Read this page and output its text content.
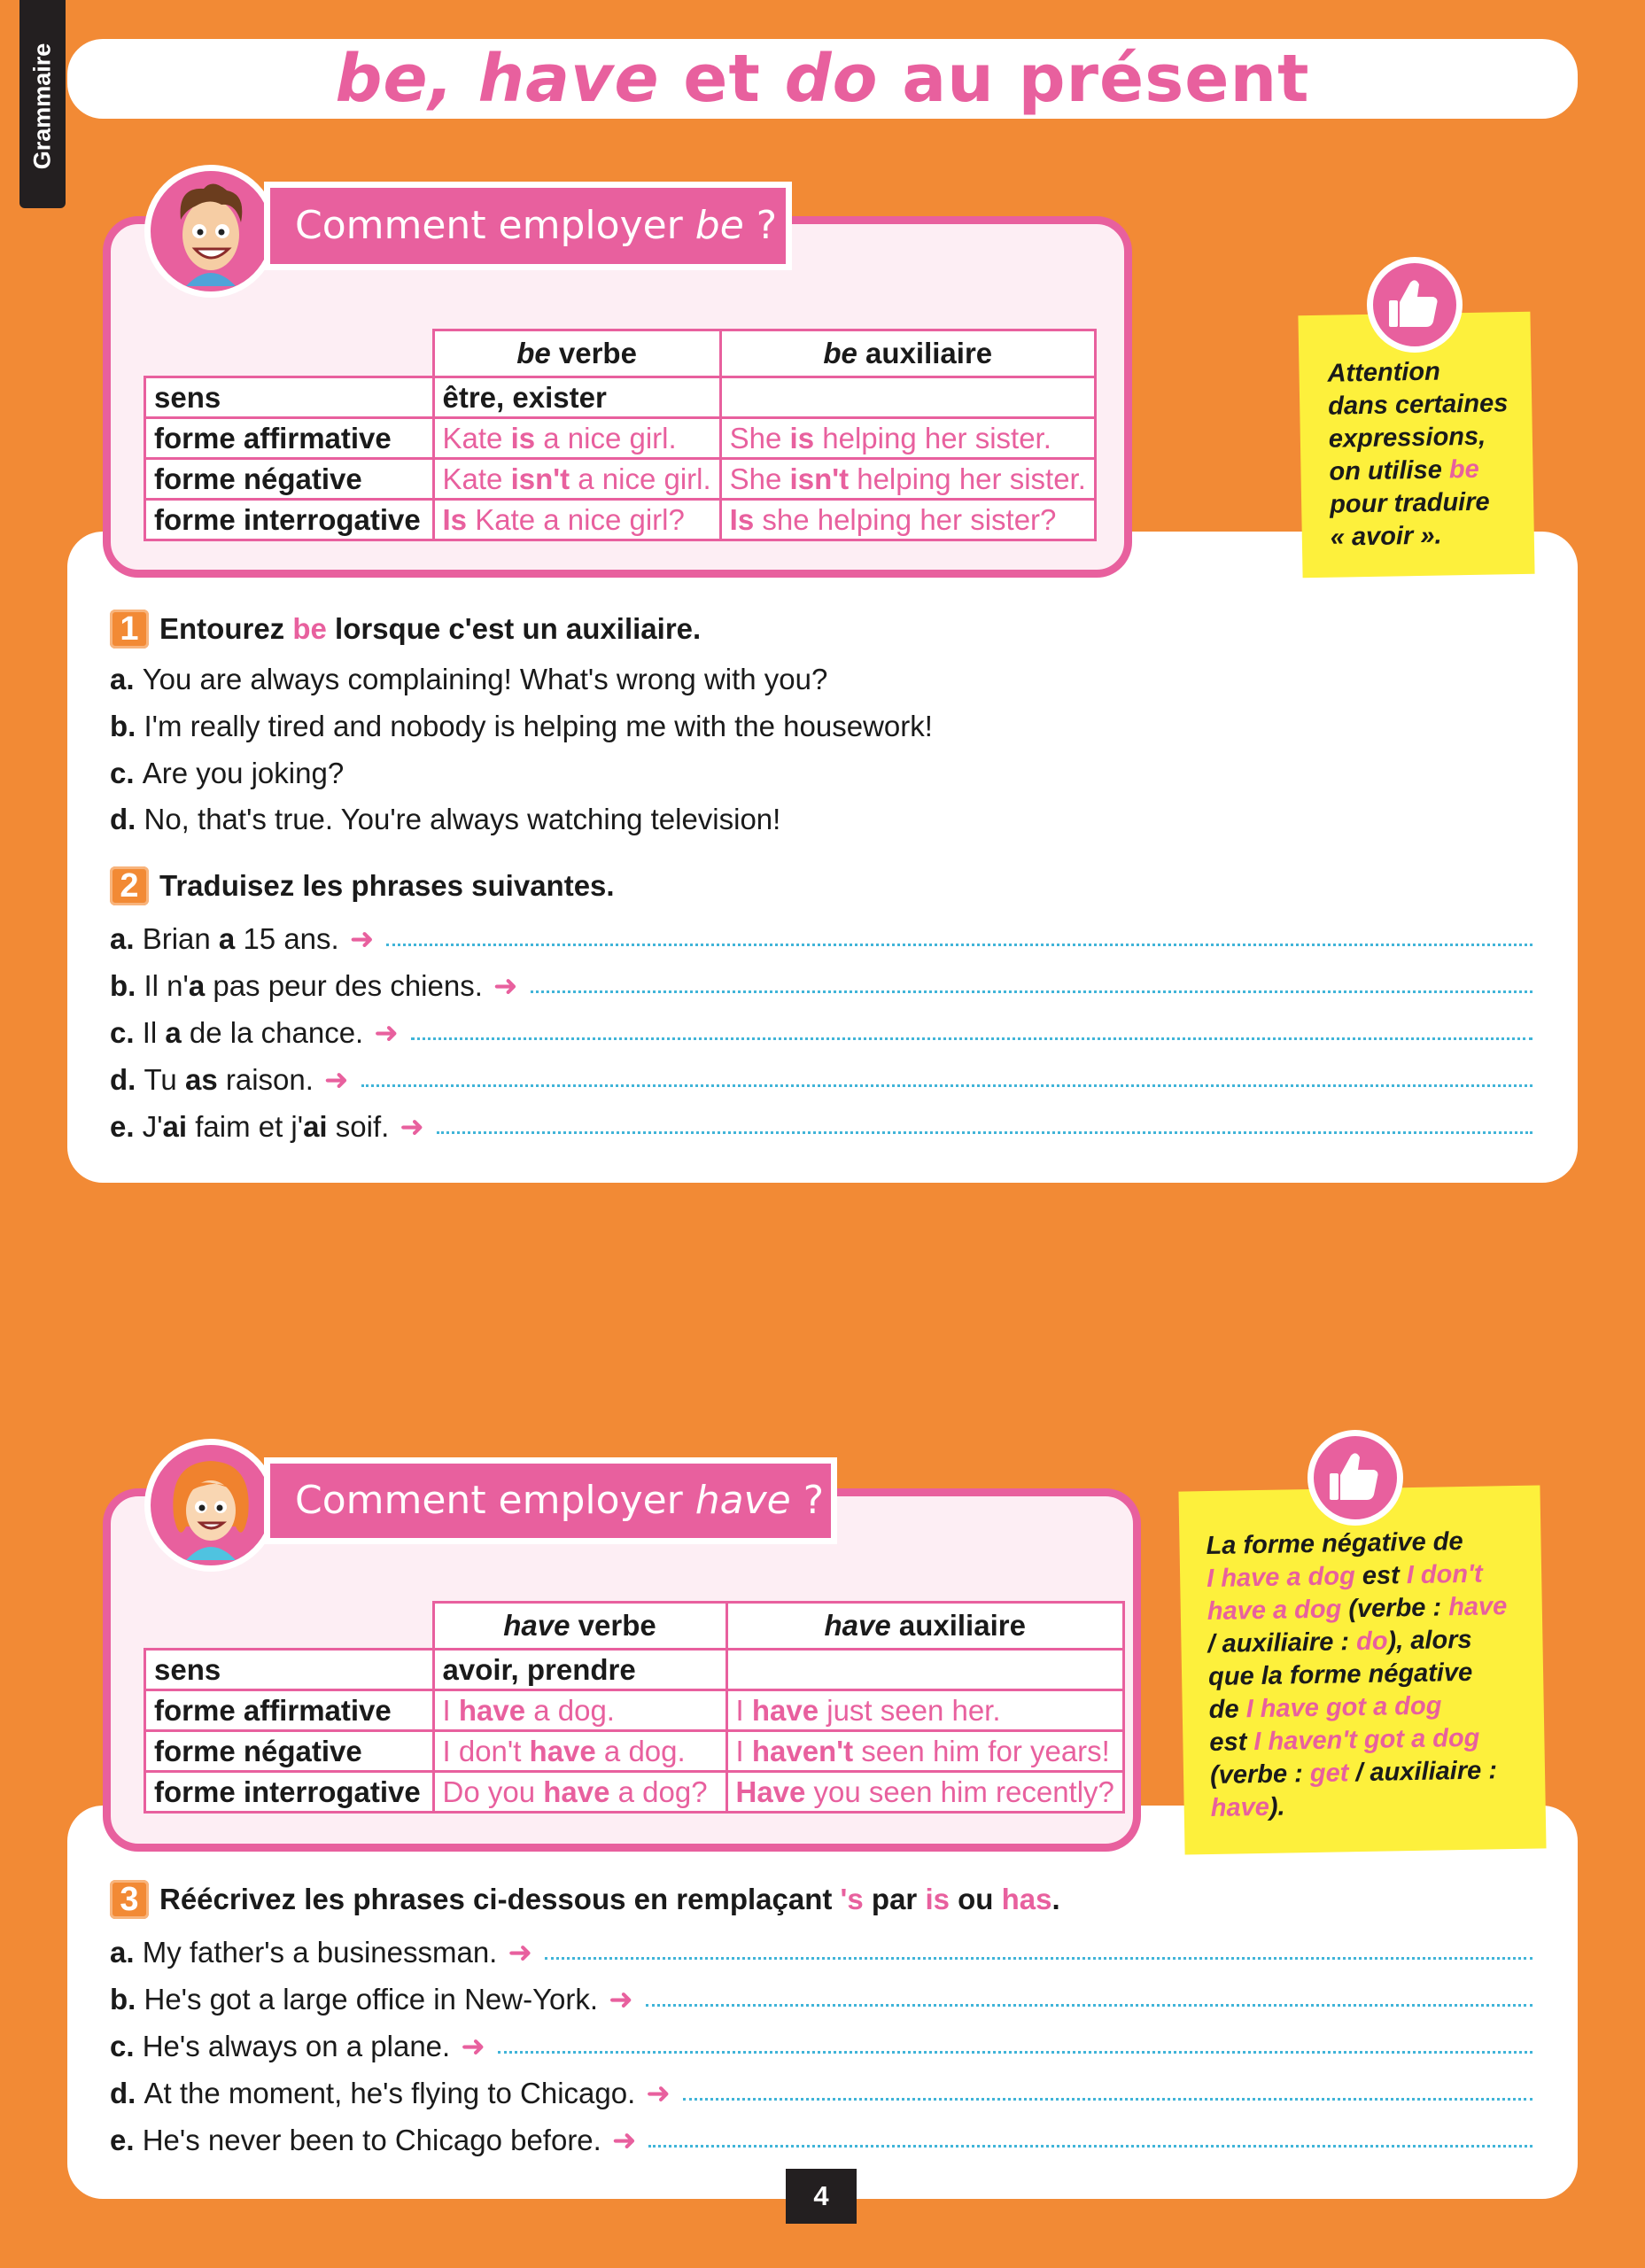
Grammaire	be, have et do au présent
Comment employer be ?
	be verbe	be auxiliaire
sens	être, exister	
forme affirmative	Kate is a nice girl.	She is helping her sister.
forme négative	Kate isn't a nice girl.	She isn't helping her sister.
forme interrogative	Is Kate a nice girl?	Is she helping her sister?
Attention
dans certaines
expressions,
on utilise be
pour traduire
« avoir ».
1 Entourez be lorsque c'est un auxiliaire.
a.
You are always complaining! What's wrong with you?
b.
I'm really tired and nobody is helping me with the housework!
c.
Are you joking?
d.
No, that's true. You're always watching television!
2 Traduisez les phrases suivantes.
a.
Brian a 15 ans. ➜
b.
Il n' a pas peur des chiens. ➜
c.
Il a de la chance. ➜
d.
Tu as raison. ➜
e.
J' ai faim et j' ai soif. ➜
Comment employer have ?
	have verbe	have auxiliaire
sens	avoir, prendre	
forme affirmative	I have a dog.	I have just seen her.
forme négative	I don't have a dog.	I haven't seen him for years!
forme interrogative	Do you have a dog?	Have you seen him recently?
La forme négative de
I have a dog est I don't
have a dog (verbe : have
/ auxiliaire : do), alors
que la forme négative
de I have got a dog
est I haven't got a dog
(verbe : get / auxiliaire :
have).
3 Réécrivez les phrases ci-dessous en remplaçant 's par is ou has .
a.
My father's a businessman. ➜
b.
He's got a large office in New-York. ➜
c.
He's always on a plane. ➜
d.
At the moment, he's flying to Chicago. ➜
e.
He's never been to Chicago before. ➜
4
